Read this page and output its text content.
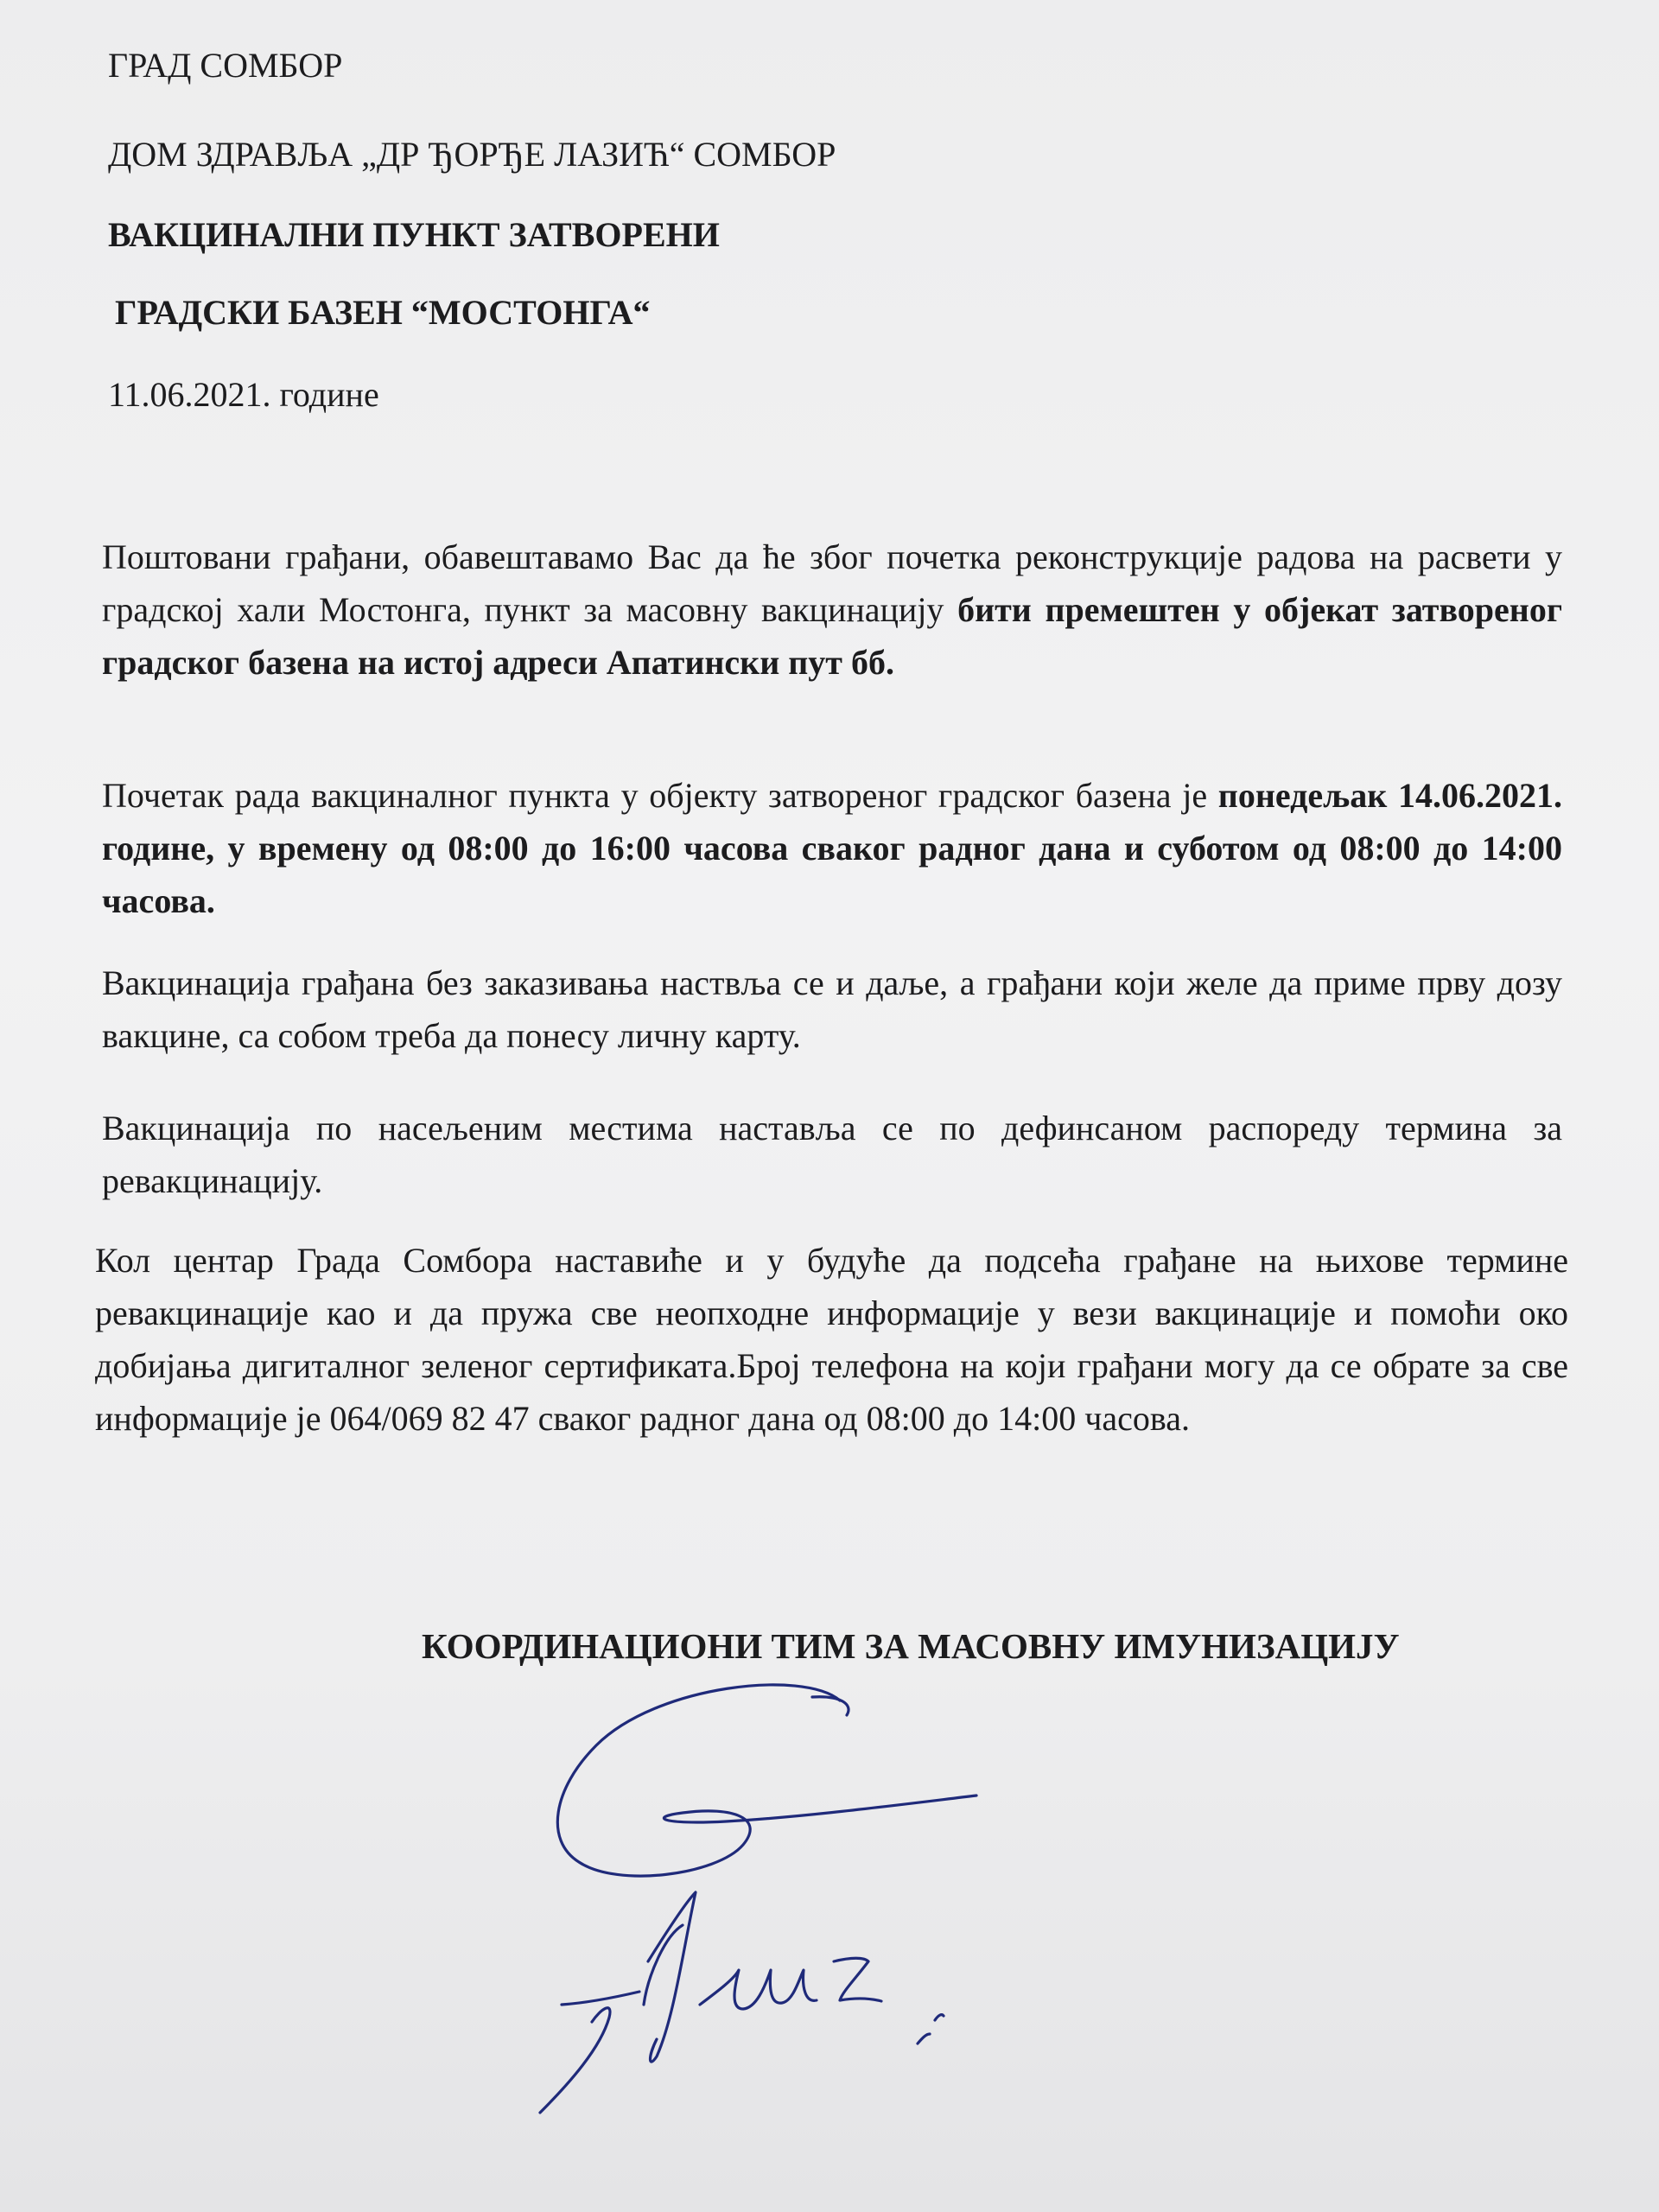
ГРАД СОМБОР
ДОМ ЗДРАВЉА „ДР ЂОРЂЕ ЛАЗИЋ“ СОМБОР
ВАКЦИНАЛНИ ПУНКТ ЗАТВОРЕНИ
ГРАДСКИ БАЗЕН “МОСТОНГА“
11.06.2021. године
Поштовани грађани, обавештавамо Вас да ће због почетка реконструкције радова на расвети у градској хали Мостонга, пункт за масовну вакцинацију бити премештен у објекат затвореног градског базена на истој адреси Апатински пут бб.
Почетак рада вакциналног пункта у објекту затвореног градског базена је понедељак 14.06.2021. године, у времену од 08:00 до 16:00 часова сваког радног дана и суботом од 08:00 до 14:00 часова.
Вакцинација грађана без заказивања наствља се и даље, а грађани који желе да приме прву дозу вакцине, са собом треба да понесу личну карту.
Вакцинација по насељеним местима наставља се по дефинсаном распореду термина за ревакцинацију.
Кол центар Града Сомбора наставиће и у будуће да подсећа грађане на њихове термине ревакцинације као и да пружа све неопходне информације у вези вакцинације и помоћи око добијања дигиталног зеленог сертификата.Број телефона на који грађани могу да се обрате за све информације је 064/069 82 47 сваког радног дана од 08:00 до 14:00 часова.
КООРДИНАЦИОНИ ТИМ ЗА МАСОВНУ ИМУНИЗАЦИЈУ
